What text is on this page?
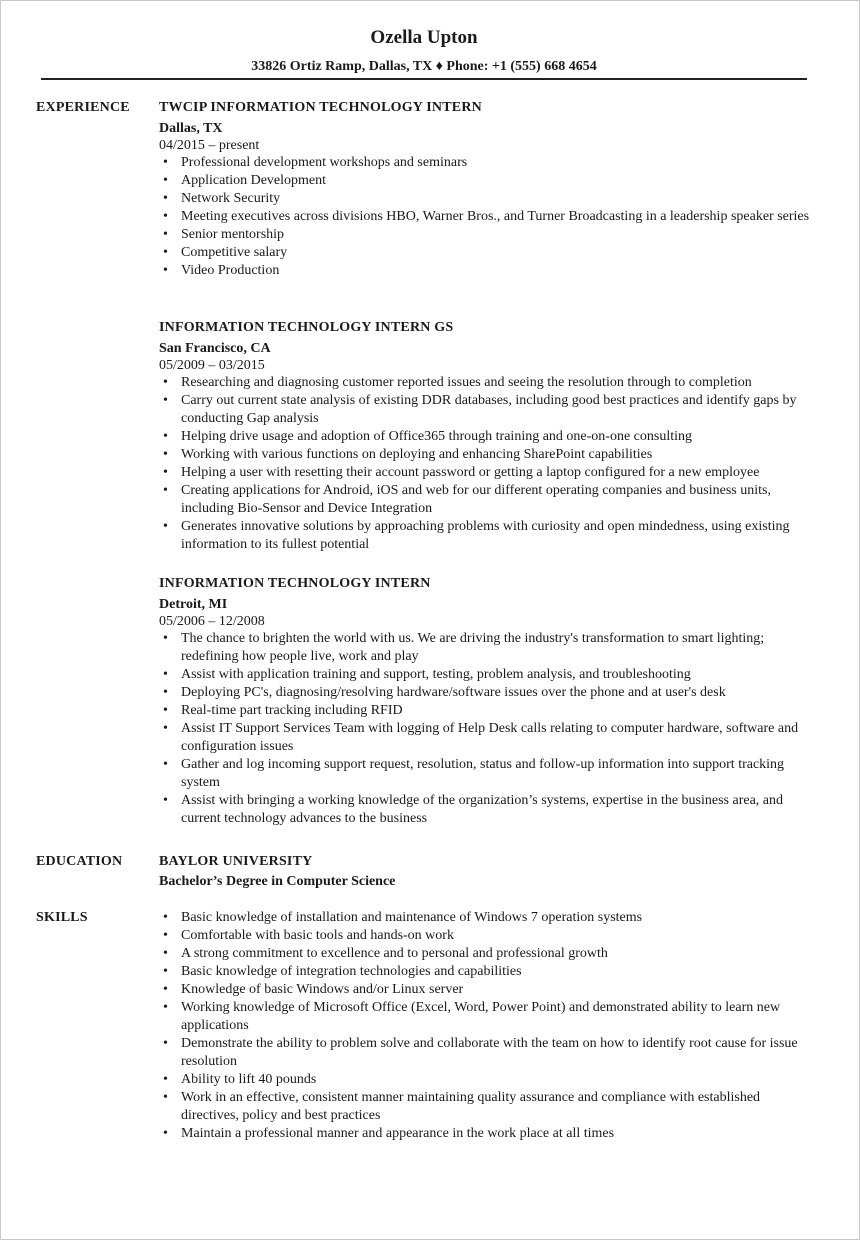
Ozella Upton
33826 Ortiz Ramp, Dallas, TX ♦ Phone: +1 (555) 668 4654
EXPERIENCE	TWCIP INFORMATION TECHNOLOGY INTERN
Dallas, TX
04/2015 – present
• Professional development workshops and seminars
• Application Development
• Network Security
• Meeting executives across divisions HBO, Warner Bros., and Turner Broadcasting in a leadership speaker series
• Senior mentorship
• Competitive salary
• Video Production
INFORMATION TECHNOLOGY INTERN GS
San Francisco, CA
05/2009 – 03/2015
• Researching and diagnosing customer reported issues and seeing the resolution through to completion
• Carry out current state analysis of existing DDR databases, including good best practices and identify gaps by conducting Gap analysis
• Helping drive usage and adoption of Office365 through training and one-on-one consulting
• Working with various functions on deploying and enhancing SharePoint capabilities
• Helping a user with resetting their account password or getting a laptop configured for a new employee
• Creating applications for Android, iOS and web for our different operating companies and business units, including Bio-Sensor and Device Integration
• Generates innovative solutions by approaching problems with curiosity and open mindedness, using existing information to its fullest potential
INFORMATION TECHNOLOGY INTERN
Detroit, MI
05/2006 – 12/2008
• The chance to brighten the world with us. We are driving the industry's transformation to smart lighting; redefining how people live, work and play
• Assist with application training and support, testing, problem analysis, and troubleshooting
• Deploying PC's, diagnosing/resolving hardware/software issues over the phone and at user's desk
• Real-time part tracking including RFID
• Assist IT Support Services Team with logging of Help Desk calls relating to computer hardware, software and configuration issues
• Gather and log incoming support request, resolution, status and follow-up information into support tracking system
• Assist with bringing a working knowledge of the organization’s systems, expertise in the business area, and current technology advances to the business
EDUCATION	BAYLOR UNIVERSITY
Bachelor’s Degree in Computer Science
SKILLS
•	Basic knowledge of installation and maintenance of Windows 7 operation systems
• Comfortable with basic tools and hands-on work
• A strong commitment to excellence and to personal and professional growth
• Basic knowledge of integration technologies and capabilities
• Knowledge of basic Windows and/or Linux server
• Working knowledge of Microsoft Office (Excel, Word, Power Point) and demonstrated ability to learn new applications
• Demonstrate the ability to problem solve and collaborate with the team on how to identify root cause for issue resolution
• Ability to lift 40 pounds
• Work in an effective, consistent manner maintaining quality assurance and compliance with established directives, policy and best practices
• Maintain a professional manner and appearance in the work place at all times
